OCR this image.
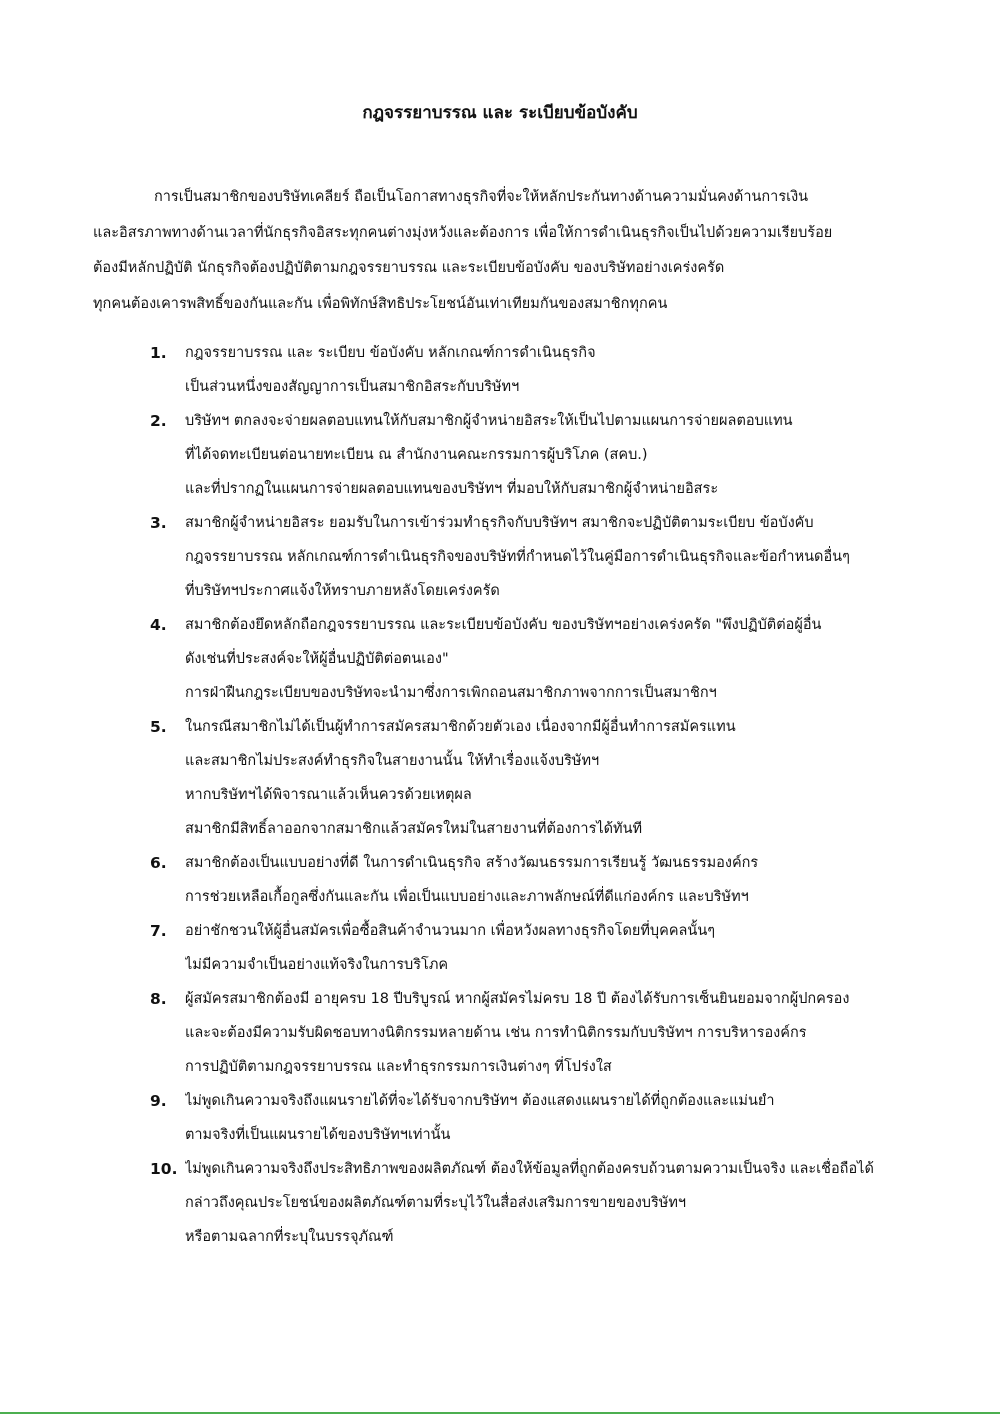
กฎจรรยาบรรณ และ ระเบียบข้อบังคับ
การเป็นสมาชิกของบริษัทเคลียร์ ถือเป็นโอกาสทางธุรกิจที่จะให้หลักประกันทางด้านความมั่นคงด้านการเงิน
และอิสรภาพทางด้านเวลาที่นักธุรกิจอิสระทุกคนต่างมุ่งหวังและต้องการ เพื่อให้การดำเนินธุรกิจเป็นไปด้วยความเรียบร้อย
ต้องมีหลักปฏิบัติ นักธุรกิจต้องปฏิบัติตามกฎจรรยาบรรณ และระเบียบข้อบังคับ ของบริษัทอย่างเคร่งครัด
ทุกคนต้องเคารพสิทธิ์ของกันและกัน เพื่อพิทักษ์สิทธิประโยชน์อันเท่าเทียมกันของสมาชิกทุกคน
1. กฎจรรยาบรรณ และ ระเบียบ ข้อบังคับ หลักเกณฑ์การดำเนินธุรกิจ
เป็นส่วนหนึ่งของสัญญาการเป็นสมาชิกอิสระกับบริษัทฯ
2. บริษัทฯ ตกลงจะจ่ายผลตอบแทนให้กับสมาชิกผู้จำหน่ายอิสระให้เป็นไปตามแผนการจ่ายผลตอบแทน
ที่ได้จดทะเบียนต่อนายทะเบียน ณ สำนักงานคณะกรรมการผู้บริโภค (สคบ.)
และที่ปรากฏในแผนการจ่ายผลตอบแทนของบริษัทฯ ที่มอบให้กับสมาชิกผู้จำหน่ายอิสระ
3. สมาชิกผู้จำหน่ายอิสระ ยอมรับในการเข้าร่วมทำธุรกิจกับบริษัทฯ สมาชิกจะปฏิบัติตามระเบียบ ข้อบังคับ
กฎจรรยาบรรณ หลักเกณฑ์การดำเนินธุรกิจของบริษัทที่กำหนดไว้ในคู่มือการดำเนินธุรกิจและข้อกำหนดอื่นๆ
ที่บริษัทฯประกาศแจ้งให้ทราบภายหลังโดยเคร่งครัด
4. สมาชิกต้องยึดหลักถือกฎจรรยาบรรณ และระเบียบข้อบังคับ ของบริษัทฯอย่างเคร่งครัด "พึงปฏิบัติต่อผู้อื่น
ดังเช่นที่ประสงค์จะให้ผู้อื่นปฏิบัติต่อตนเอง"
การฝ่าฝืนกฎระเบียบของบริษัทจะนำมาซึ่งการเพิกถอนสมาชิกภาพจากการเป็นสมาชิกฯ
5. ในกรณีสมาชิกไม่ได้เป็นผู้ทำการสมัครสมาชิกด้วยตัวเอง เนื่องจากมีผู้อื่นทำการสมัครแทน
และสมาชิกไม่ประสงค์ทำธุรกิจในสายงานนั้น ให้ทำเรื่องแจ้งบริษัทฯ
หากบริษัทฯได้พิจารณาแล้วเห็นควรด้วยเหตุผล
สมาชิกมีสิทธิ์ลาออกจากสมาชิกแล้วสมัครใหม่ในสายงานที่ต้องการได้ทันที
6. สมาชิกต้องเป็นแบบอย่างที่ดี ในการดำเนินธุรกิจ สร้างวัฒนธรรมการเรียนรู้ วัฒนธรรมองค์กร
การช่วยเหลือเกื้อกูลซึ่งกันและกัน เพื่อเป็นแบบอย่างและภาพลักษณ์ที่ดีแก่องค์กร และบริษัทฯ
7. อย่าชักชวนให้ผู้อื่นสมัครเพื่อซื้อสินค้าจำนวนมาก เพื่อหวังผลทางธุรกิจโดยที่บุคคลนั้นๆ
ไม่มีความจำเป็นอย่างแท้จริงในการบริโภค
8. ผู้สมัครสมาชิกต้องมี อายุครบ 18 ปีบริบูรณ์ หากผู้สมัครไม่ครบ 18 ปี ต้องได้รับการเซ็นยินยอมจากผู้ปกครอง
และจะต้องมีความรับผิดชอบทางนิติกรรมหลายด้าน เช่น การทำนิติกรรมกับบริษัทฯ การบริหารองค์กร
การปฏิบัติตามกฎจรรยาบรรณ และทำธุรกรรมการเงินต่างๆ ที่โปร่งใส
9. ไม่พูดเกินความจริงถึงแผนรายได้ที่จะได้รับจากบริษัทฯ ต้องแสดงแผนรายได้ที่ถูกต้องและแม่นยำ
ตามจริงที่เป็นแผนรายได้ของบริษัทฯเท่านั้น
10. ไม่พูดเกินความจริงถึงประสิทธิภาพของผลิตภัณฑ์ ต้องให้ข้อมูลที่ถูกต้องครบถ้วนตามความเป็นจริง และเชื่อถือได้
กล่าวถึงคุณประโยชน์ของผลิตภัณฑ์ตามที่ระบุไว้ในสื่อส่งเสริมการขายของบริษัทฯ
หรือตามฉลากที่ระบุในบรรจุภัณฑ์
